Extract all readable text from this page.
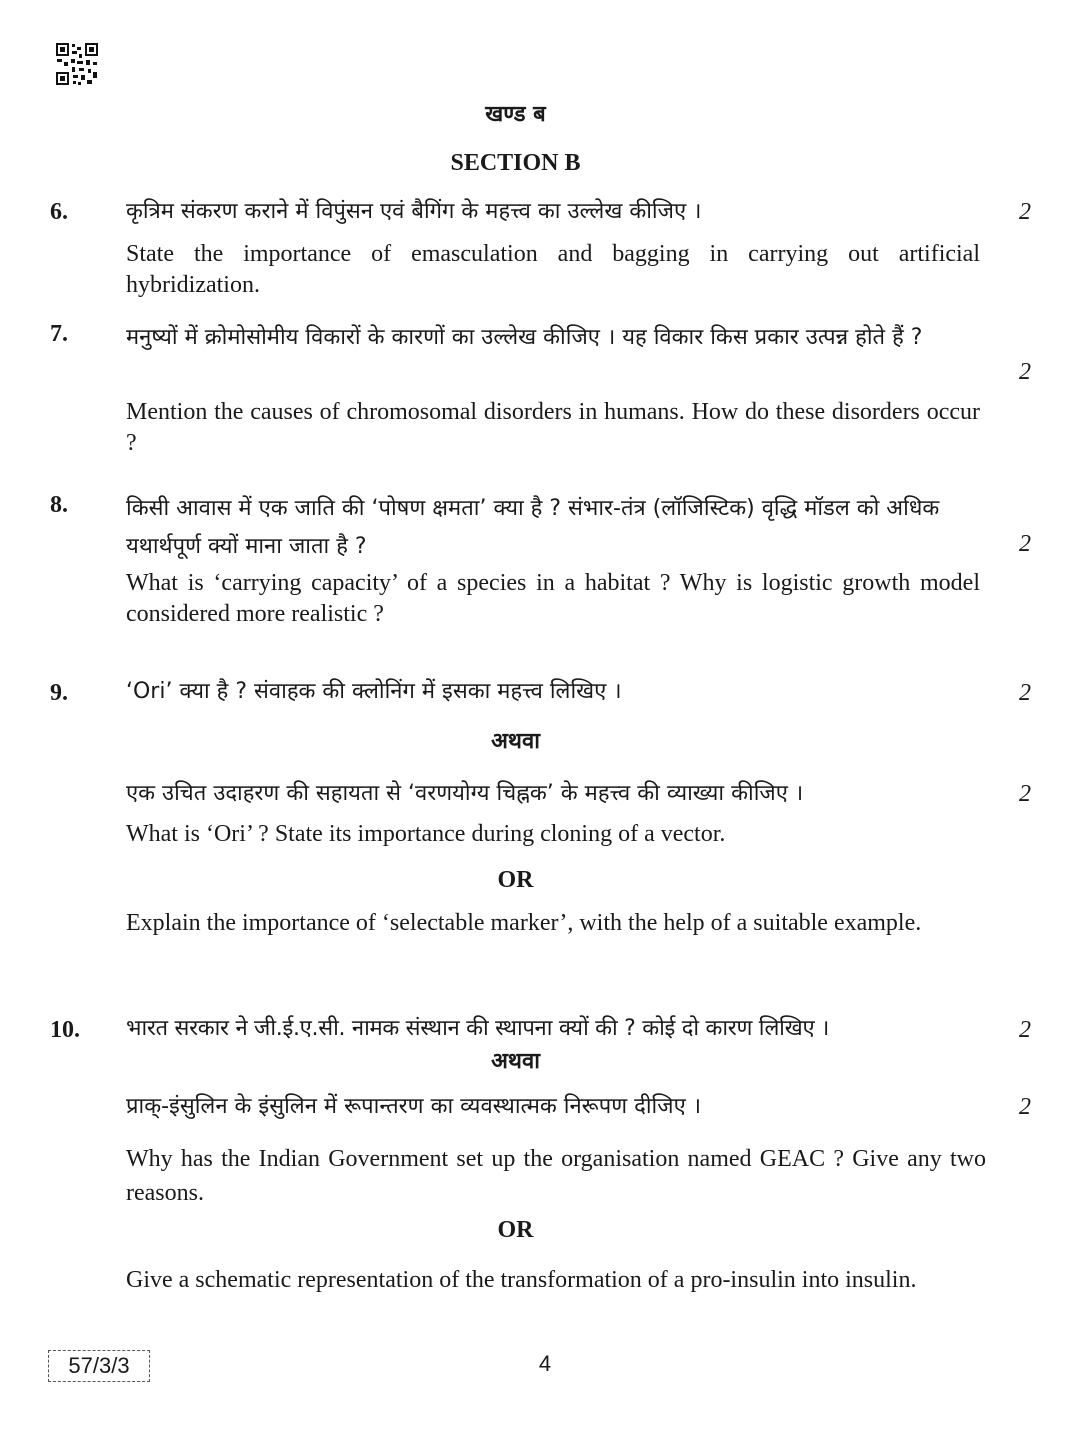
खण्ड ब
SECTION B
6.	कृत्रिम संकरण कराने में विपुंसन एवं बैगिंग के महत्त्व का उल्लेख कीजिए ।	2
State the importance of emasculation and bagging in carrying out artificial hybridization.
7.	मनुष्यों में क्रोमोसोमीय विकारों के कारणों का उल्लेख कीजिए । यह विकार किस प्रकार उत्पन्न होते हैं ?
2
Mention the causes of chromosomal disorders in humans. How do these disorders occur ?
8.	किसी आवास में एक जाति की ‘पोषण क्षमता’ क्या है ? संभार-तंत्र (लॉजिस्टिक) वृद्धि मॉडल को अधिक यथार्थपूर्ण क्यों माना जाता है ?	2
What is ‘carrying capacity’ of a species in a habitat ? Why is logistic growth model considered more realistic ?
9.	‘Ori’ क्या है ? संवाहक की क्लोनिंग में इसका महत्त्व लिखिए ।	2
अथवा
एक उचित उदाहरण की सहायता से ‘वरणयोग्य चिह्नक’ के महत्त्व की व्याख्या कीजिए ।	2
What is ‘Ori’ ? State its importance during cloning of a vector.
OR
Explain the importance of ‘selectable marker’, with the help of a suitable example.
10.	भारत सरकार ने जी.ई.ए.सी. नामक संस्थान की स्थापना क्यों की ? कोई दो कारण लिखिए ।	2
अथवा
प्राक्-इंसुलिन के इंसुलिन में रूपान्तरण का व्यवस्थात्मक निरूपण दीजिए ।	2
Why has the Indian Government set up the organisation named GEAC ? Give any two reasons.
OR
Give a schematic representation of the transformation of a pro-insulin into insulin.
57/3/3	4
